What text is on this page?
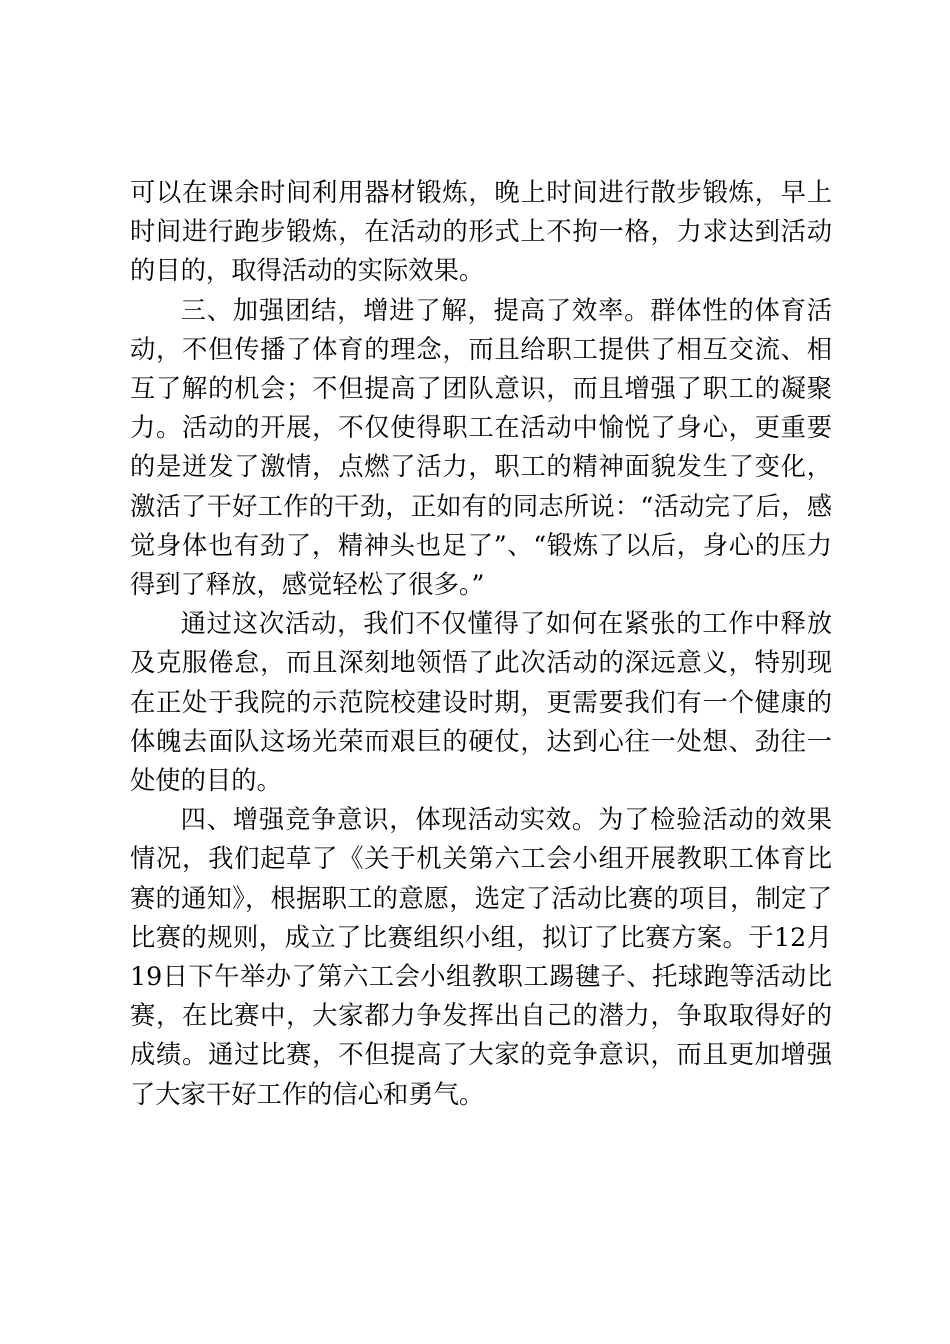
可以在课余时间利用器材锻炼，晚上时间进行散步锻炼，早上时间进行跑步锻炼，在活动的形式上不拘一格，力求达到活动的目的，取得活动的实际效果。

三、加强团结，增进了解，提高了效率。群体性的体育活动，不但传播了体育的理念，而且给职工提供了相互交流、相互了解的机会；不但提高了团队意识，而且增强了职工的凝聚力。活动的开展，不仅使得职工在活动中愉悦了身心，更重要的是迸发了激情，点燃了活力，职工的精神面貌发生了变化，激活了干好工作的干劲，正如有的同志所说：“活动完了后，感觉身体也有劲了，精神头也足了”、“锻炼了以后，身心的压力得到了释放，感觉轻松了很多。”

通过这次活动，我们不仅懂得了如何在紧张的工作中释放及克服倦怠，而且深刻地领悟了此次活动的深远意义，特别现在正处于我院的示范院校建设时期，更需要我们有一个健康的体魄去面队这场光荣而艰巨的硬仗，达到心往一处想、劲往一处使的目的。

四、增强竞争意识，体现活动实效。为了检验活动的效果情况，我们起草了《关于机关第六工会小组开展教职工体育比赛的通知》，根据职工的意愿，选定了活动比赛的项目，制定了比赛的规则，成立了比赛组织小组，拟订了比赛方案。于12月19日下午举办了第六工会小组教职工踢毽子、托球跑等活动比赛，在比赛中，大家都力争发挥出自己的潜力，争取取得好的成绩。通过比赛，不但提高了大家的竞争意识，而且更加增强了大家干好工作的信心和勇气。
